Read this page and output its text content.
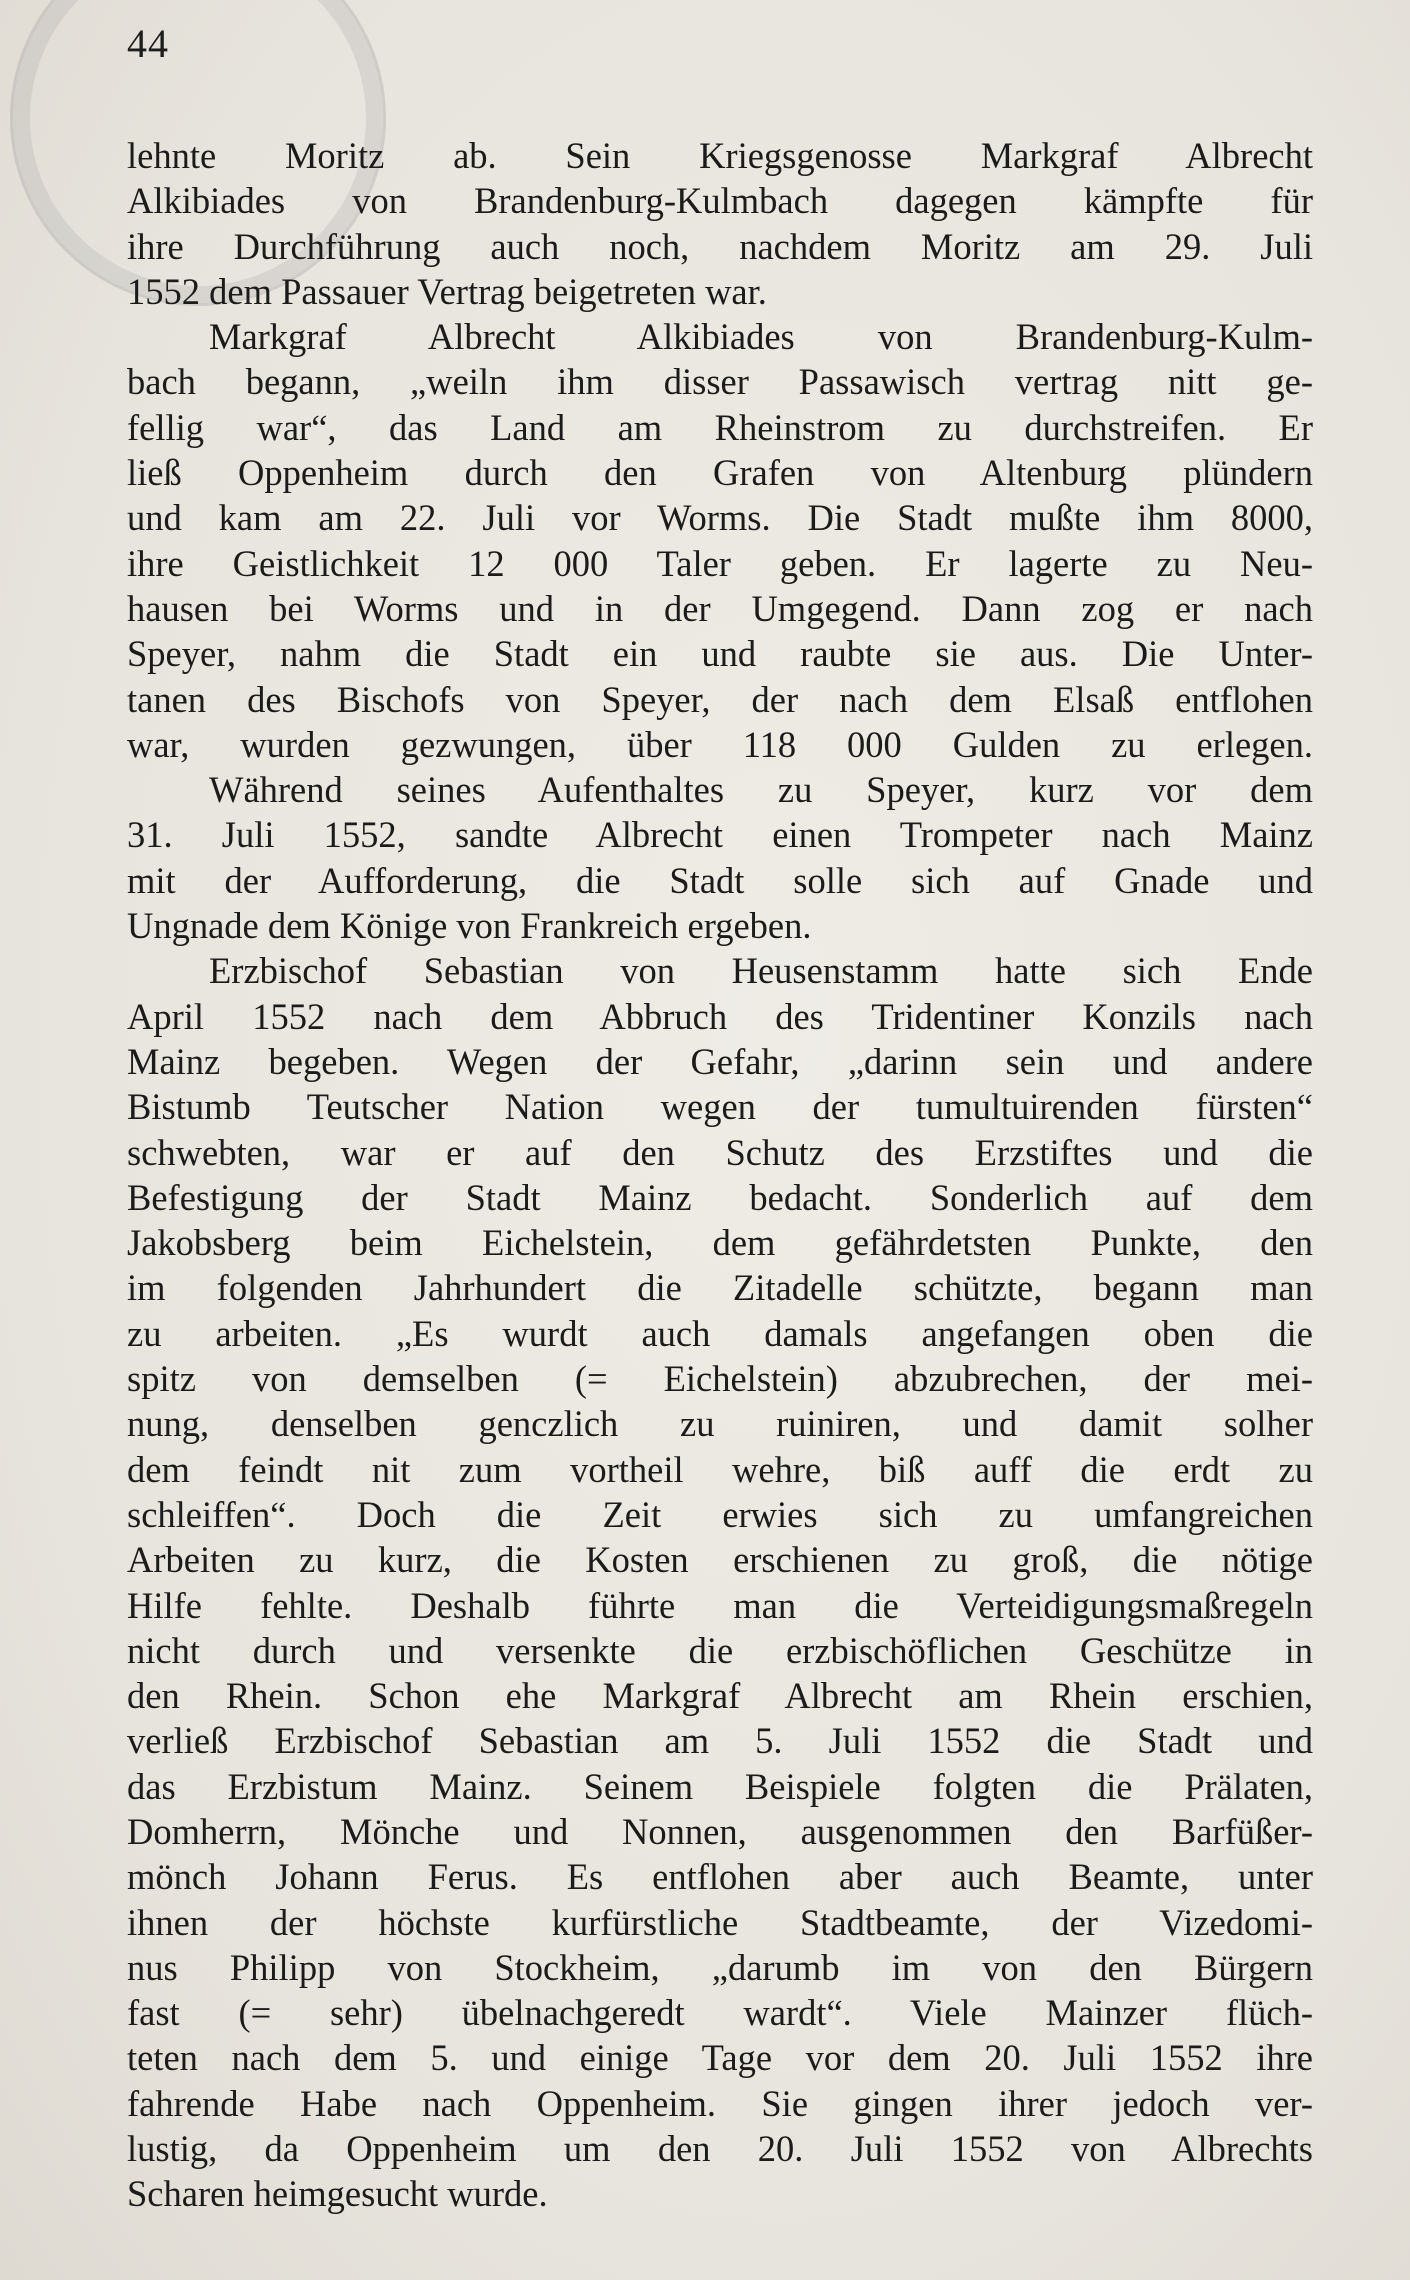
44
lehnte Moritz ab. Sein Kriegsgenosse Markgraf Albrecht
Alkibiades von Brandenburg-Kulmbach dagegen kämpfte für
ihre Durchführung auch noch, nachdem Moritz am 29. Juli
1552 dem Passauer Vertrag beigetreten war.
Markgraf Albrecht Alkibiades von Brandenburg-Kulm-
bach begann, „weiln ihm disser Passawisch vertrag nitt ge-
fellig war“, das Land am Rheinstrom zu durchstreifen. Er
ließ Oppenheim durch den Grafen von Altenburg plündern
und kam am 22. Juli vor Worms. Die Stadt mußte ihm 8000,
ihre Geistlichkeit 12 000 Taler geben. Er lagerte zu Neu-
hausen bei Worms und in der Umgegend. Dann zog er nach
Speyer, nahm die Stadt ein und raubte sie aus. Die Unter-
tanen des Bischofs von Speyer, der nach dem Elsaß entflohen
war, wurden gezwungen, über 118 000 Gulden zu erlegen.
Während seines Aufenthaltes zu Speyer, kurz vor dem
31. Juli 1552, sandte Albrecht einen Trompeter nach Mainz
mit der Aufforderung, die Stadt solle sich auf Gnade und
Ungnade dem Könige von Frankreich ergeben.
Erzbischof Sebastian von Heusenstamm hatte sich Ende
April 1552 nach dem Abbruch des Tridentiner Konzils nach
Mainz begeben. Wegen der Gefahr, „darinn sein und andere
Bistumb Teutscher Nation wegen der tumultuirenden fürsten“
schwebten, war er auf den Schutz des Erzstiftes und die
Befestigung der Stadt Mainz bedacht. Sonderlich auf dem
Jakobsberg beim Eichelstein, dem gefährdetsten Punkte, den
im folgenden Jahrhundert die Zitadelle schützte, begann man
zu arbeiten. „Es wurdt auch damals angefangen oben die
spitz von demselben (= Eichelstein) abzubrechen, der mei-
nung, denselben genczlich zu ruiniren, und damit solher
dem feindt nit zum vortheil wehre, biß auff die erdt zu
schleiffen“. Doch die Zeit erwies sich zu umfangreichen
Arbeiten zu kurz, die Kosten erschienen zu groß, die nötige
Hilfe fehlte. Deshalb führte man die Verteidigungsmaßregeln
nicht durch und versenkte die erzbischöflichen Geschütze in
den Rhein. Schon ehe Markgraf Albrecht am Rhein erschien,
verließ Erzbischof Sebastian am 5. Juli 1552 die Stadt und
das Erzbistum Mainz. Seinem Beispiele folgten die Prälaten,
Domherrn, Mönche und Nonnen, ausgenommen den Barfüßer-
mönch Johann Ferus. Es entflohen aber auch Beamte, unter
ihnen der höchste kurfürstliche Stadtbeamte, der Vizedomi-
nus Philipp von Stockheim, „darumb im von den Bürgern
fast (= sehr) übelnachgeredt wardt“. Viele Mainzer flüch-
teten nach dem 5. und einige Tage vor dem 20. Juli 1552 ihre
fahrende Habe nach Oppenheim. Sie gingen ihrer jedoch ver-
lustig, da Oppenheim um den 20. Juli 1552 von Albrechts
Scharen heimgesucht wurde.
